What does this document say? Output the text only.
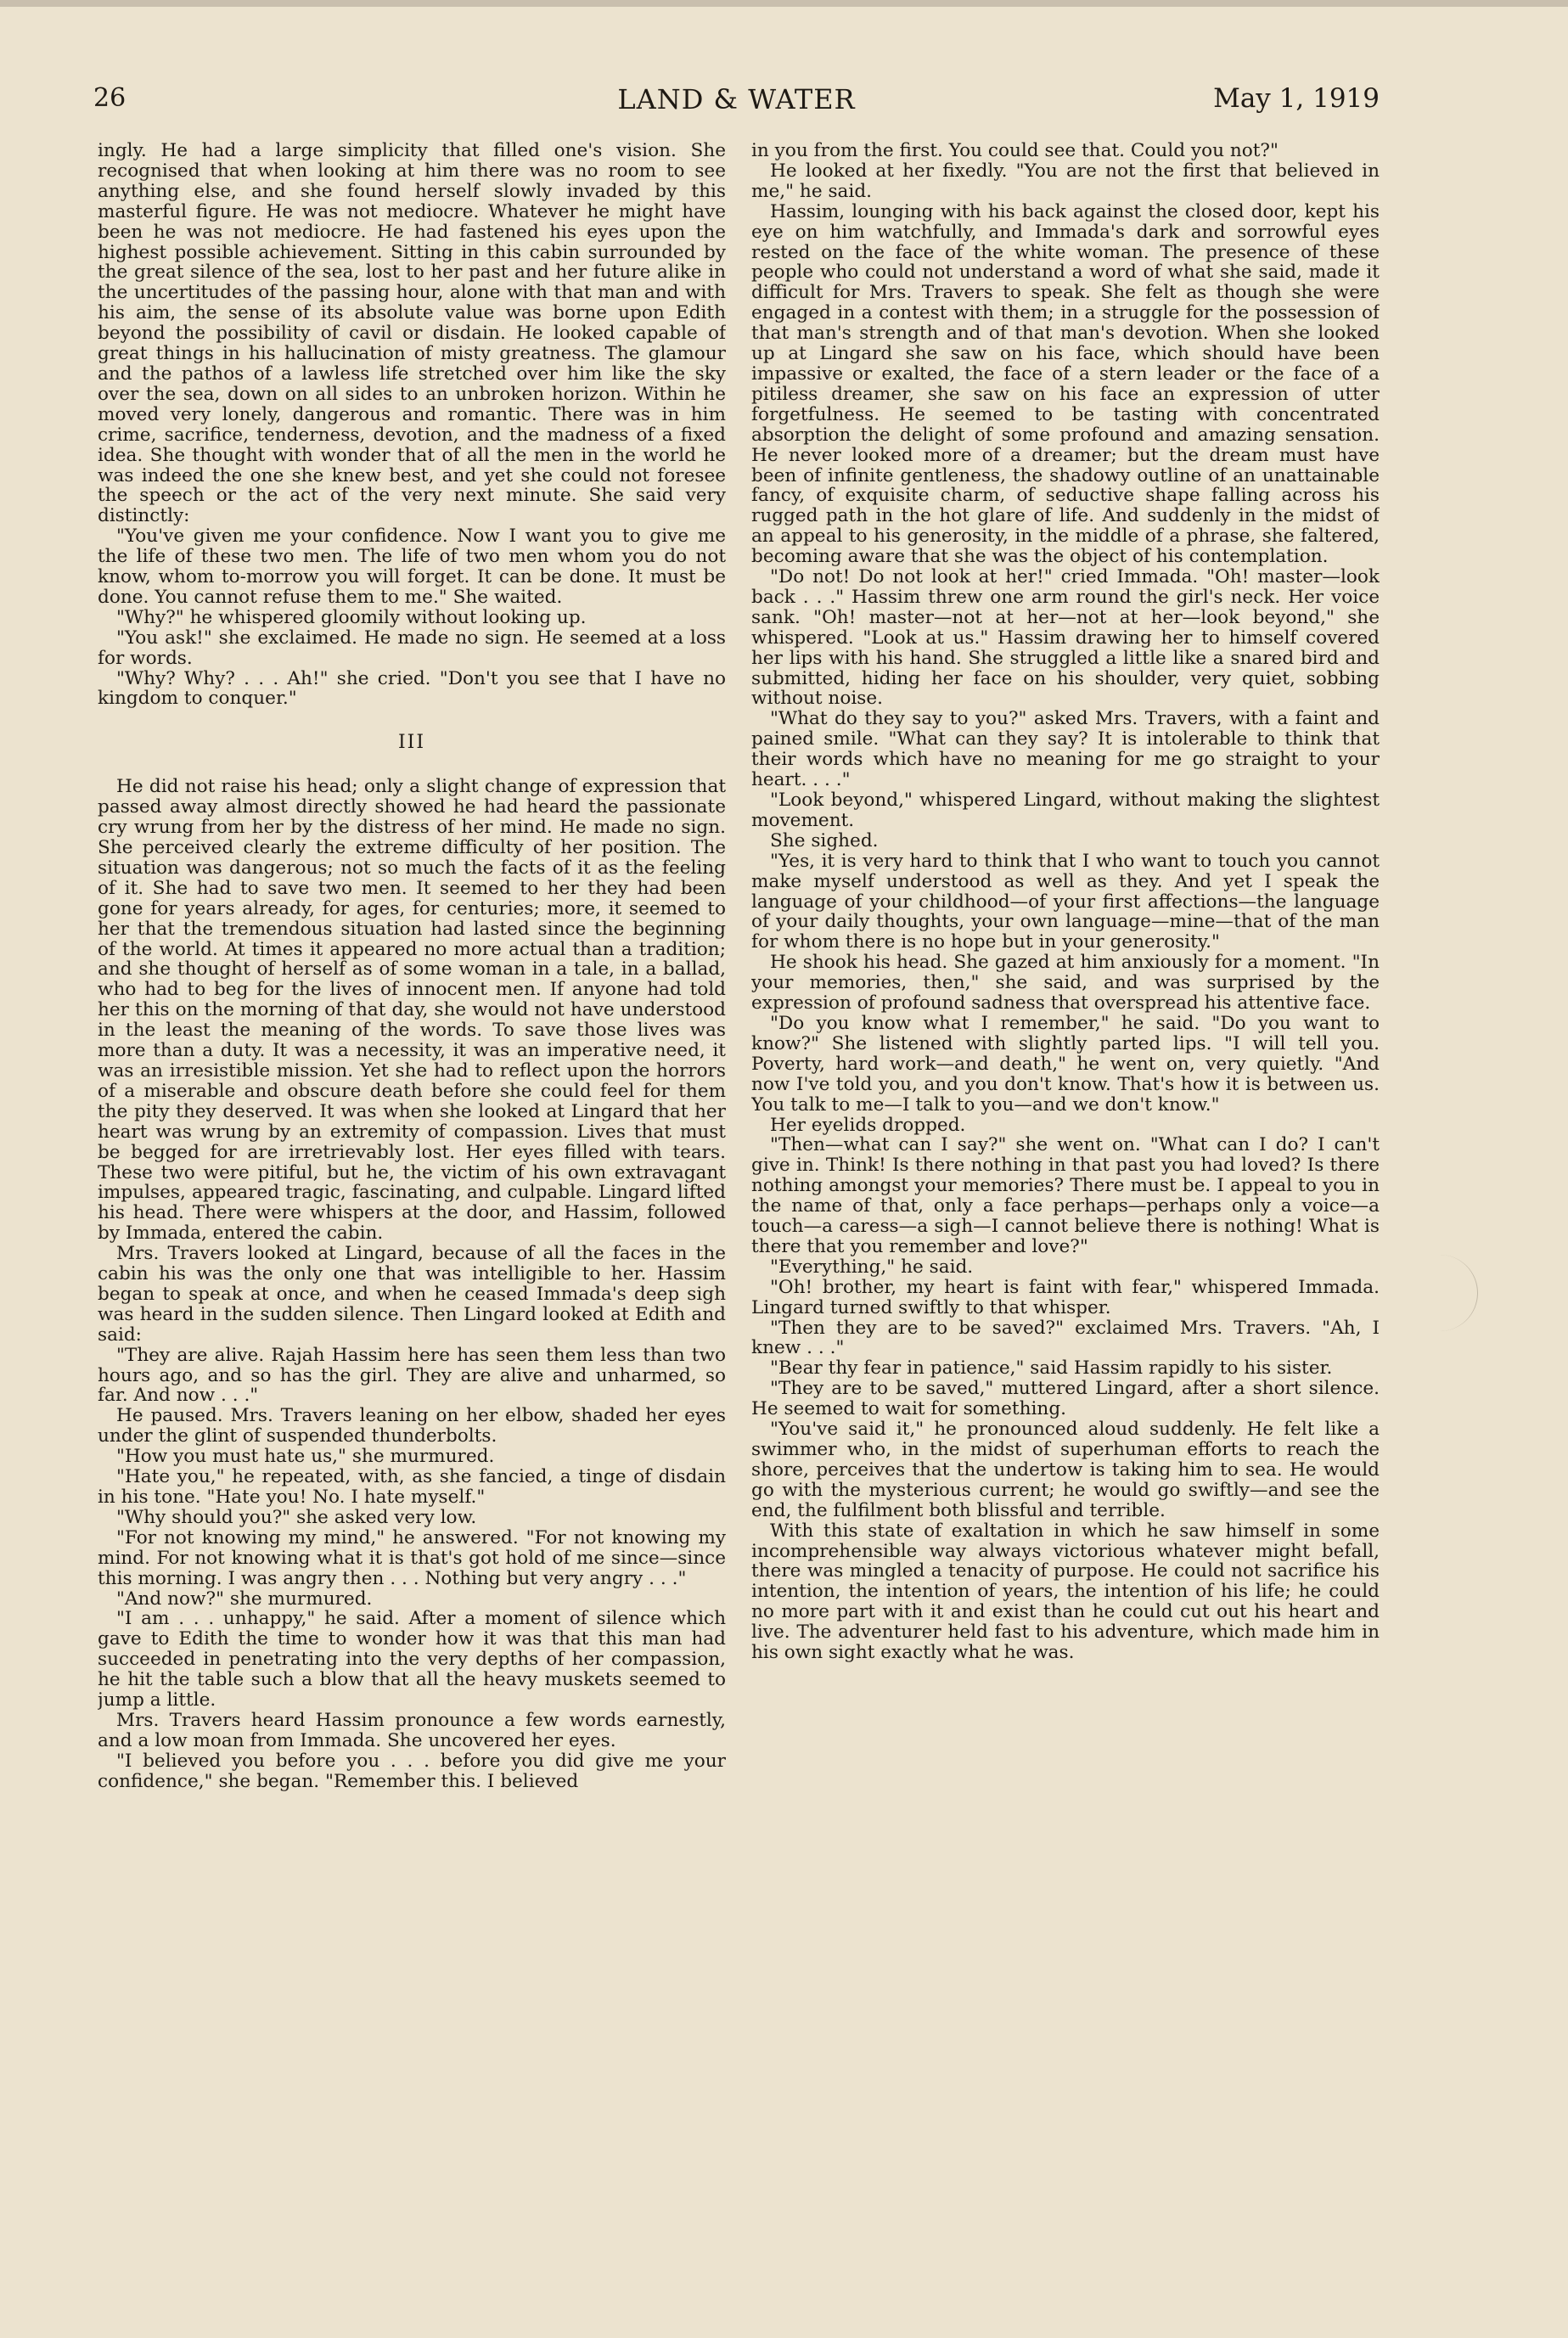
26	LAND & WATER	May 1, 1919

ingly. He had a large simplicity that filled one's vision. She recognised that when looking at him there was no room to see anything else, and she found herself slowly invaded by this masterful figure. He was not mediocre. Whatever he might have been he was not mediocre. He had fastened his eyes upon the highest possible achievement. Sitting in this cabin surrounded by the great silence of the sea, lost to her past and her future alike in the uncertitudes of the passing hour, alone with that man and with his aim, the sense of its absolute value was borne upon Edith beyond the possibility of cavil or disdain. He looked capable of great things in his hallucination of misty greatness. The glamour and the pathos of a lawless life stretched over him like the sky over the sea, down on all sides to an unbroken horizon. Within he moved very lonely, dangerous and romantic. There was in him crime, sacrifice, tenderness, devotion, and the madness of a fixed idea. She thought with wonder that of all the men in the world he was indeed the one she knew best, and yet she could not foresee the speech or the act of the very next minute. She said very distinctly:

"You've given me your confidence. Now I want you to give me the life of these two men. The life of two men whom you do not know, whom to-morrow you will forget. It can be done. It must be done. You cannot refuse them to me." She waited.

"Why?" he whispered gloomily without looking up.

"You ask!" she exclaimed. He made no sign. He seemed at a loss for words.

"Why? Why? . . . Ah!" she cried. "Don't you see that I have no kingdom to conquer."

III

He did not raise his head; only a slight change of expression that passed away almost directly showed he had heard the passionate cry wrung from her by the distress of her mind. He made no sign. She perceived clearly the extreme difficulty of her position. The situation was dangerous; not so much the facts of it as the feeling of it. She had to save two men. It seemed to her they had been gone for years already, for ages, for centuries; more, it seemed to her that the tremendous situation had lasted since the beginning of the world. At times it appeared no more actual than a tradition; and she thought of herself as of some woman in a tale, in a ballad, who had to beg for the lives of innocent men. If anyone had told her this on the morning of that day, she would not have understood in the least the meaning of the words. To save those lives was more than a duty. It was a necessity, it was an imperative need, it was an irresistible mission. Yet she had to reflect upon the horrors of a miserable and obscure death before she could feel for them the pity they deserved. It was when she looked at Lingard that her heart was wrung by an extremity of compassion. Lives that must be begged for are irretrievably lost. Her eyes filled with tears. These two were pitiful, but he, the victim of his own extravagant impulses, appeared tragic, fascinating, and culpable. Lingard lifted his head. There were whispers at the door, and Hassim, followed by Immada, entered the cabin.

Mrs. Travers looked at Lingard, because of all the faces in the cabin his was the only one that was intelligible to her. Hassim began to speak at once, and when he ceased Immada's deep sigh was heard in the sudden silence. Then Lingard looked at Edith and said:

"They are alive. Rajah Hassim here has seen them less than two hours ago, and so has the girl. They are alive and unharmed, so far. And now . . ."

He paused. Mrs. Travers leaning on her elbow, shaded her eyes under the glint of suspended thunderbolts.

"How you must hate us," she murmured.

"Hate you," he repeated, with, as she fancied, a tinge of disdain in his tone. "Hate you! No. I hate myself."

"Why should you?" she asked very low.

"For not knowing my mind," he answered. "For not knowing my mind. For not knowing what it is that's got hold of me since—since this morning. I was angry then . . . Nothing but very angry . . ."

"And now?" she murmured.

"I am . . . unhappy," he said. After a moment of silence which gave to Edith the time to wonder how it was that this man had succeeded in penetrating into the very depths of her compassion, he hit the table such a blow that all the heavy muskets seemed to jump a little.

Mrs. Travers heard Hassim pronounce a few words earnestly, and a low moan from Immada. She uncovered her eyes.

"I believed you before you . . . before you did give me your confidence," she began. "Remember this. I believed

in you from the first. You could see that. Could you not?"

He looked at her fixedly. "You are not the first that believed in me," he said.

Hassim, lounging with his back against the closed door, kept his eye on him watchfully, and Immada's dark and sorrowful eyes rested on the face of the white woman. The presence of these people who could not understand a word of what she said, made it difficult for Mrs. Travers to speak. She felt as though she were engaged in a contest with them; in a struggle for the possession of that man's strength and of that man's devotion. When she looked up at Lingard she saw on his face, which should have been impassive or exalted, the face of a stern leader or the face of a pitiless dreamer, she saw on his face an expression of utter forgetfulness. He seemed to be tasting with concentrated absorption the delight of some profound and amazing sensation. He never looked more of a dreamer; but the dream must have been of infinite gentleness, the shadowy outline of an unattainable fancy, of exquisite charm, of seductive shape falling across his rugged path in the hot glare of life. And suddenly in the midst of an appeal to his generosity, in the middle of a phrase, she faltered, becoming aware that she was the object of his contemplation.

"Do not! Do not look at her!" cried Immada. "Oh! master—look back . . ." Hassim threw one arm round the girl's neck. Her voice sank. "Oh! master—not at her—not at her—look beyond," she whispered. "Look at us." Hassim drawing her to himself covered her lips with his hand. She struggled a little like a snared bird and submitted, hiding her face on his shoulder, very quiet, sobbing without noise.

"What do they say to you?" asked Mrs. Travers, with a faint and pained smile. "What can they say? It is intolerable to think that their words which have no meaning for me go straight to your heart. . . ."

"Look beyond," whispered Lingard, without making the slightest movement.

She sighed.

"Yes, it is very hard to think that I who want to touch you cannot make myself understood as well as they. And yet I speak the language of your childhood—of your first affections—the language of your daily thoughts, your own language—mine—that of the man for whom there is no hope but in your generosity."

He shook his head. She gazed at him anxiously for a moment. "In your memories, then," she said, and was surprised by the expression of profound sadness that overspread his attentive face.

"Do you know what I remember," he said. "Do you want to know?" She listened with slightly parted lips. "I will tell you. Poverty, hard work—and death," he went on, very quietly. "And now I've told you, and you don't know. That's how it is between us. You talk to me—I talk to you—and we don't know."

Her eyelids dropped.

"Then—what can I say?" she went on. "What can I do? I can't give in. Think! Is there nothing in that past you had loved? Is there nothing amongst your memories? There must be. I appeal to you in the name of that, only a face perhaps—perhaps only a voice—a touch—a caress—a sigh—I cannot believe there is nothing! What is there that you remember and love?"

"Everything," he said.

"Oh! brother, my heart is faint with fear," whispered Immada. Lingard turned swiftly to that whisper.

"Then they are to be saved?" exclaimed Mrs. Travers. "Ah, I knew . . ."

"Bear thy fear in patience," said Hassim rapidly to his sister.

"They are to be saved," muttered Lingard, after a short silence. He seemed to wait for something.

"You've said it," he pronounced aloud suddenly. He felt like a swimmer who, in the midst of superhuman efforts to reach the shore, perceives that the undertow is taking him to sea. He would go with the mysterious current; he would go swiftly—and see the end, the fulfilment both blissful and terrible.

With this state of exaltation in which he saw himself in some incomprehensible way always victorious whatever might befall, there was mingled a tenacity of purpose. He could not sacrifice his intention, the intention of years, the intention of his life; he could no more part with it and exist than he could cut out his heart and live. The adventurer held fast to his adventure, which made him in his own sight exactly what he was.
